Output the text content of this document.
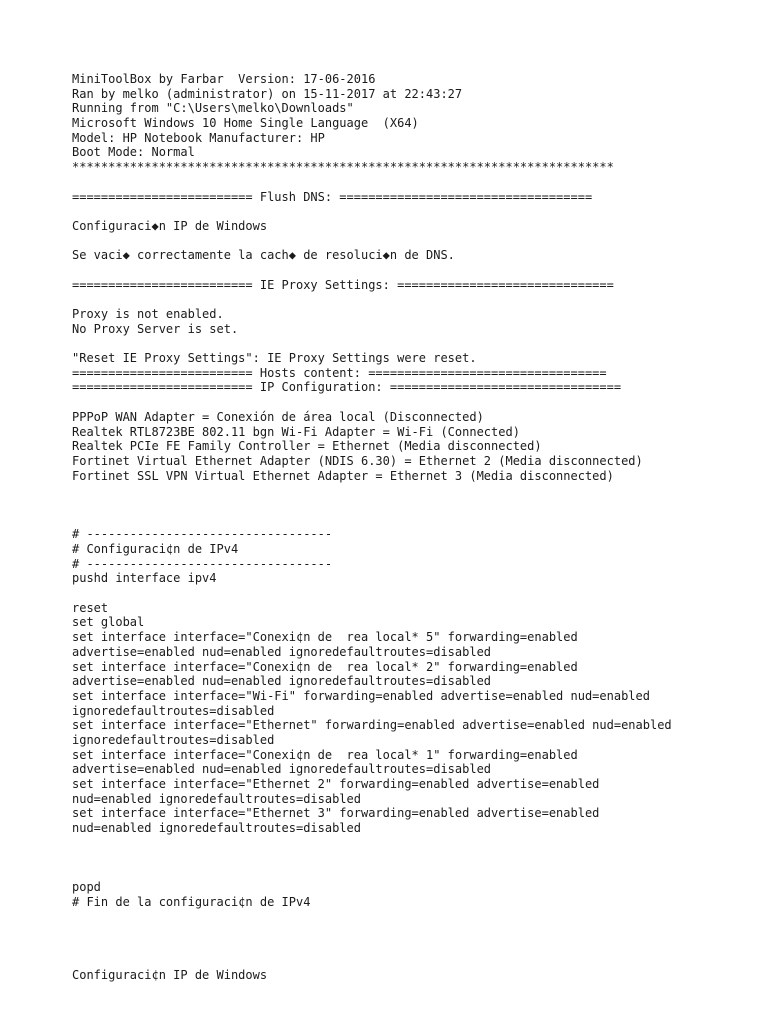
MiniToolBox by Farbar  Version: 17-06-2016
Ran by melko (administrator) on 15-11-2017 at 22:43:27
Running from "C:\Users\melko\Downloads"
Microsoft Windows 10 Home Single Language  (X64)
Model: HP Notebook Manufacturer: HP
Boot Mode: Normal
***************************************************************************
========================= Flush DNS: ===================================
Configuraci◆n IP de Windows
Se vaci◆ correctamente la cach◆ de resoluci◆n de DNS.
========================= IE Proxy Settings: ==============================
Proxy is not enabled.
No Proxy Server is set.
"Reset IE Proxy Settings": IE Proxy Settings were reset.
========================= Hosts content: =================================
========================= IP Configuration: ================================
PPPoP WAN Adapter = Conexión de área local (Disconnected)
Realtek RTL8723BE 802.11 bgn Wi-Fi Adapter = Wi-Fi (Connected)
Realtek PCIe FE Family Controller = Ethernet (Media disconnected)
Fortinet Virtual Ethernet Adapter (NDIS 6.30) = Ethernet 2 (Media disconnected)
Fortinet SSL VPN Virtual Ethernet Adapter = Ethernet 3 (Media disconnected)
# ----------------------------------
# Configuraci¢n de IPv4
# ----------------------------------
pushd interface ipv4
reset
set global
set interface interface="Conexi¢n de  rea local* 5" forwarding=enabled
advertise=enabled nud=enabled ignoredefaultroutes=disabled
set interface interface="Conexi¢n de  rea local* 2" forwarding=enabled
advertise=enabled nud=enabled ignoredefaultroutes=disabled
set interface interface="Wi-Fi" forwarding=enabled advertise=enabled nud=enabled
ignoredefaultroutes=disabled
set interface interface="Ethernet" forwarding=enabled advertise=enabled nud=enabled
ignoredefaultroutes=disabled
set interface interface="Conexi¢n de  rea local* 1" forwarding=enabled
advertise=enabled nud=enabled ignoredefaultroutes=disabled
set interface interface="Ethernet 2" forwarding=enabled advertise=enabled
nud=enabled ignoredefaultroutes=disabled
set interface interface="Ethernet 3" forwarding=enabled advertise=enabled
nud=enabled ignoredefaultroutes=disabled
popd
# Fin de la configuraci¢n de IPv4
Configuraci¢n IP de Windows
